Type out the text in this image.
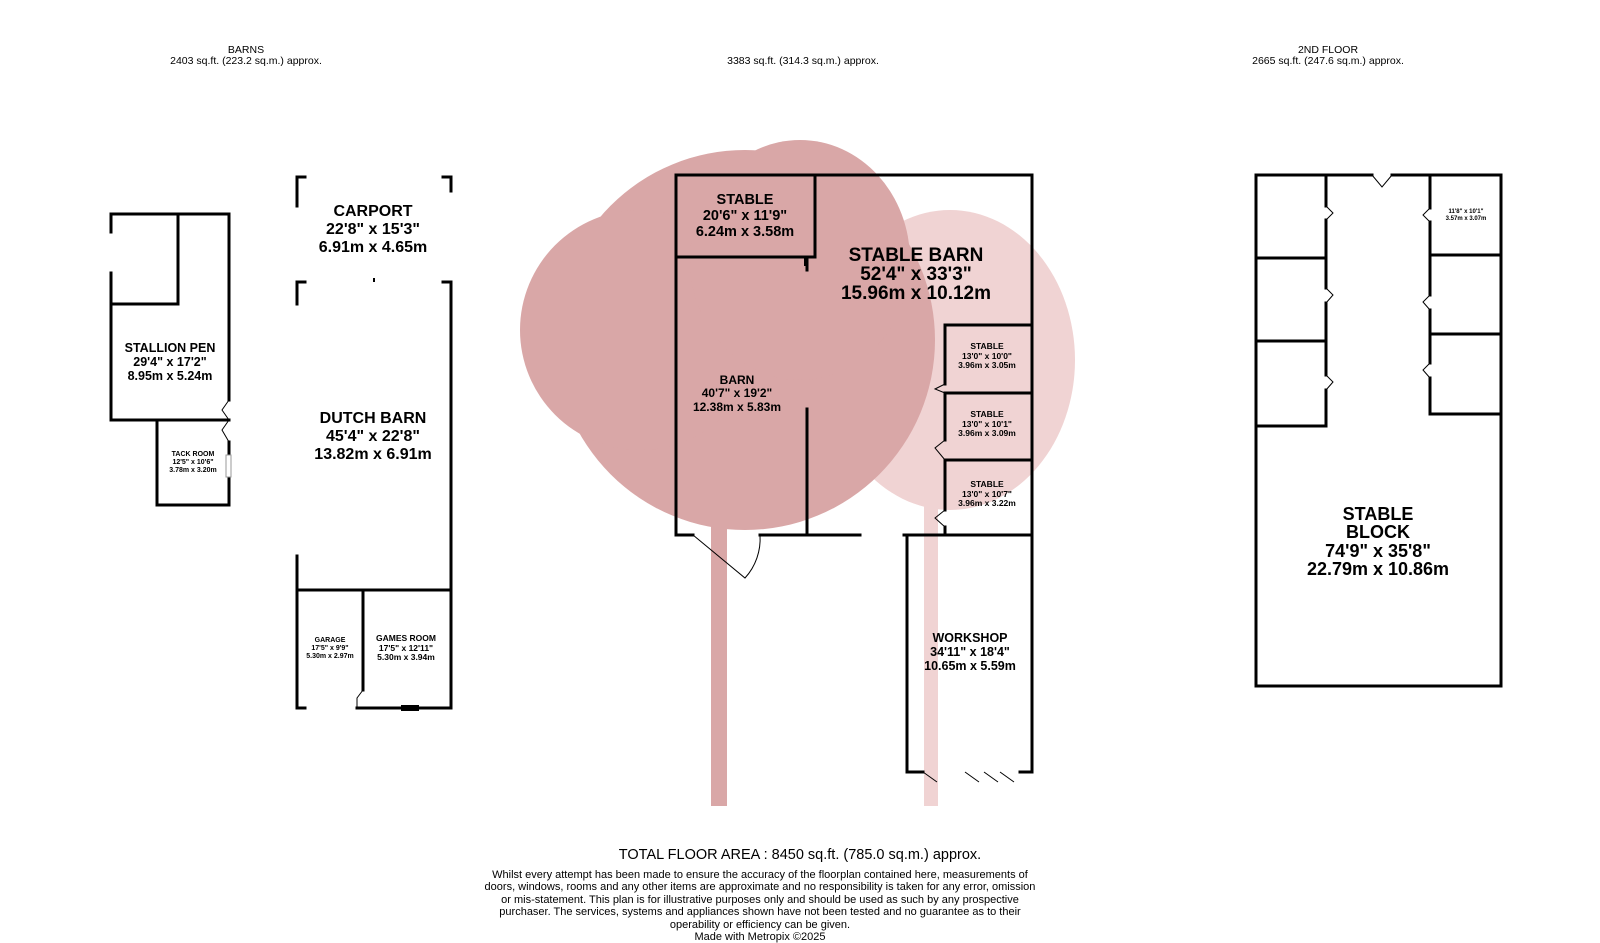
BARNS
2403 sq.ft. (223.2 sq.m.) approx.	3383 sq.ft. (314.3 sq.m.) approx.
2ND FLOOR
2665 sq.ft. (247.6 sq.m.) approx.
STALLION PEN
29'4" x 17'2"
8.95m x 5.24m
TACK ROOM
12'5" x 10'6"
3.78m x 3.20m
CARPORT
22'8" x 15'3"
6.91m x 4.65m
DUTCH BARN
45'4" x 22'8"
13.82m x 6.91m
GARAGE
17'5" x 9'9"
5.30m x 2.97m
GAMES ROOM
17'5" x 12'11"
5.30m x 3.94m
STABLE
20'6" x 11'9"
6.24m x 3.58m
STABLE BARN
52'4" x 33'3"
15.96m x 10.12m
BARN
40'7" x 19'2"
12.38m x 5.83m
STABLE
13'0" x 10'0"
3.96m x 3.05m
STABLE
13'0" x 10'1"
3.96m x 3.09m
STABLE
13'0" x 10'7"
3.96m x 3.22m
WORKSHOP
34'11" x 18'4"
10.65m x 5.59m
STABLE
BLOCK
74'9" x 35'8"
22.79m x 10.86m
11'8" x 10'1"
3.57m x 3.07m
TOTAL FLOOR AREA : 8450 sq.ft. (785.0 sq.m.) approx.
Whilst every attempt has been made to ensure the accuracy of the floorplan contained here, measurements of doors, windows, rooms and any other items are approximate and no responsibility is taken for any error, omission or mis-statement. This plan is for illustrative purposes only and should be used as such by any prospective purchaser. The services, systems and appliances shown have not been tested and no guarantee as to their operability or efficiency can be given.
Made with Metropix ©2025
